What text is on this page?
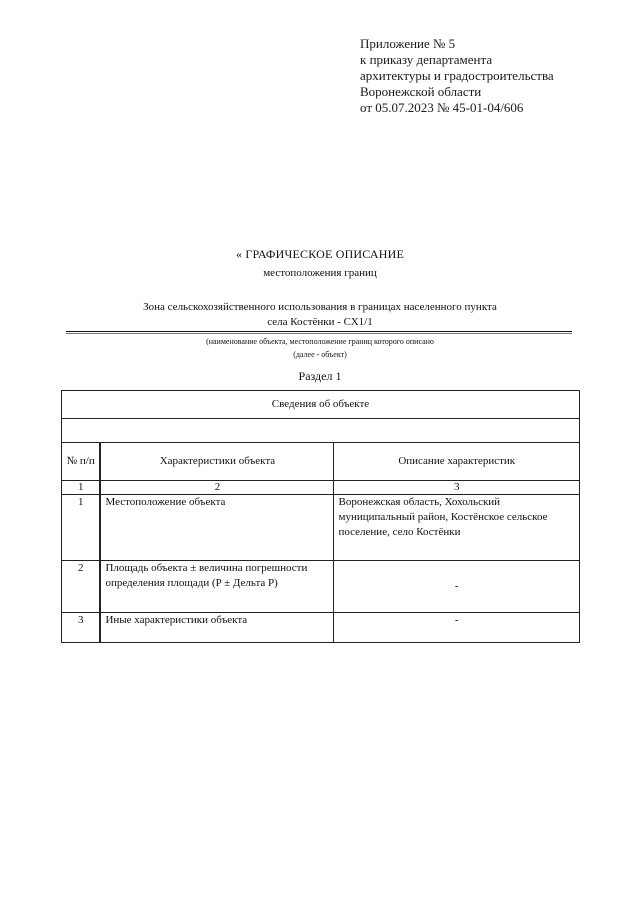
Приложение № 5
к приказу департамента
архитектуры и градостроительства
Воронежской области
от 05.07.2023 № 45-01-04/606
« ГРАФИЧЕСКОЕ ОПИСАНИЕ
местоположения границ
Зона сельскохозяйственного использования в границах населенного пункта
села Костёнки - СХ1/1
(наименование объекта, местоположение границ которого описано
(далее - объект)
Раздел 1
Сведения об объекте		

№ п/п	Характеристики объекта	Описание характеристик
1	2	3
1	Местоположение объекта	Воронежская область, Хохольский муниципальный район, Костёнское сельское поселение, село Костёнки
2	Площадь объекта ± величина погрешности определения площади (P ± Дельта P)	-
3	Иные характеристики объекта	-
